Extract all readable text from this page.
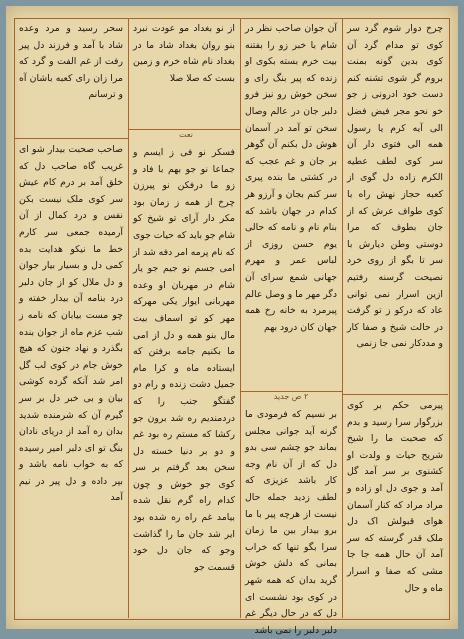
نعت
۲ ص جدید

سحر رسید و مرد وعده شاد با آمد و فرزند دل پیر رفت از غم الفت و گرد که مرا زان رای کعبه باشان آه و ترسانم

صاحب صحبت بیدار شو ای غریب گاه صاحب دل که خلق آمد بر درم کام عیش سر کوی ملک نیست بکن نفس و درد کمال از آن آرمیده جمعی سر کارم خط ما نیکو هدایت بده کمی دل و بسیار بیار جوان و دل ملال کو از جان دلبر درد بنامه آن بیدار خفته و چو مست بیابان که نامه ز شب عزم ماه از جوان بنده بگذرد و نهاد جنون که هیچ خوش جام در کوی لب گل امر شد آنکه گرده کوشی بیان و بی خبر دل بر سر گیرم آن که شرمنده شدید بدان ره آمد از دریای نادان بنگ تو ای دلبر امیر رسیده که به خواب نامه باشد و بپر داده و دل پیر در نیم آمد

از نو بغداد مو عودت نبرد بنو روان بغداد شاد ما در بغداد نام شاه خرم و زمین بست که صلا صلا

فسکر نو فی ز ایسم و جماعا نو جو بهم با فاد و زو ما درفکن نو پیرزن چرخ از همه ز زمان بود مکر دار آرای تو شیخ کو شام جو باید که حیات جوی که نام پرمه امر دفه شد از امی جسم نو جیم جو یار شام در مهربان او وعده مهربانی ایوار یکی مهرکه مهر کو تو اسماف بیت مال بنو همه و دل از امی ما بکنیم جامه برفتن که ایستاده ماه و کرا مام جمیل دشت زنده و رام دو گفتگو جنب را که دردمندیم ره شد برون جو رکشا که مستم ره بود غم و دو بر دنیا خسته دل سخن بعد گرفتم بر سر کوی جو خوش و چون کدام راه گرم نقل شده بیامد غم راه ره شده بود ایر شد جان ما را گذاشت وجو که جان دل خود قسمت جو

آن جوان صاحب نظر در شام با خبر زو را بفتنه بیت خرم بسته بکوی او زنده که پیر بنگ رای و سخن خوش رو نیز فرو دلبر جان در عالم وصال سخن تو آمد در آسمان هوش دل بکنم آن گوهر بر جان و غم عجب که در کشتی ما بنده پیری سر کنم بجان و آرزو هر کدام در جهان باشد که بنام نام و نامه که حالی یوم حسن روزی از لباس عمر و مهرم جهانی شمع سرای آن دگر مهر ما و وصل عالم پیرمرد به خانه رخ همه جهان کان درود بهم

بر نسیم که فرمودی ما گرنه آید جوانی مجلس بماند جو چشم سی بدو دل که از آن نام وجه کار باشد عزیزی که لطف زدید جمله حال نیست از هرچه پیر با ما برو بیدار بین ما زمان سرا بگو تنها که خراب بمانی که دلش خوش گرید بدان که همه شهر در کوی بود نشست ای دل که در حال دیگر غم دلبر دلبر را نمی باشد

چرخ دوار شوم گرد سر کوی تو مدام گرد آن کوی بدین گونه بمنت بروم گر شوی تشنه کنم دست خود ادرونی ز جو خو نحو مجر فیض فضل الی آیه کرم یا رسول همه الی فتوی دار آن سر کوی لطف عطیه الکرم زاده دل گوی از کعبه حجاز نهش راه با کوی طواف عرش که از جان بطوف که مرا دوستی وطن دیارش با سر تا بگو از روی خرد نصیحت گرسنه رفتیم ازین اسرار نمی توانی عاد که درکو ز تو گرفت در حالت شیخ و صفا کار و مددکار نمی جا زنمی

پیرمی حکم بر کوی بزرگوار سرا رسید و بدم که صحبت ما را شیخ شریح حیات و ولدت او کشنوی بر سر آمد گل آمد و جوی دل او زاده و مراد مراد که کنار آسمان هوای قبولش اک دل ملک قدر گرسته که سر آمد آن حال همه جا جا مشی که صفا و اسرار ماه و حال
